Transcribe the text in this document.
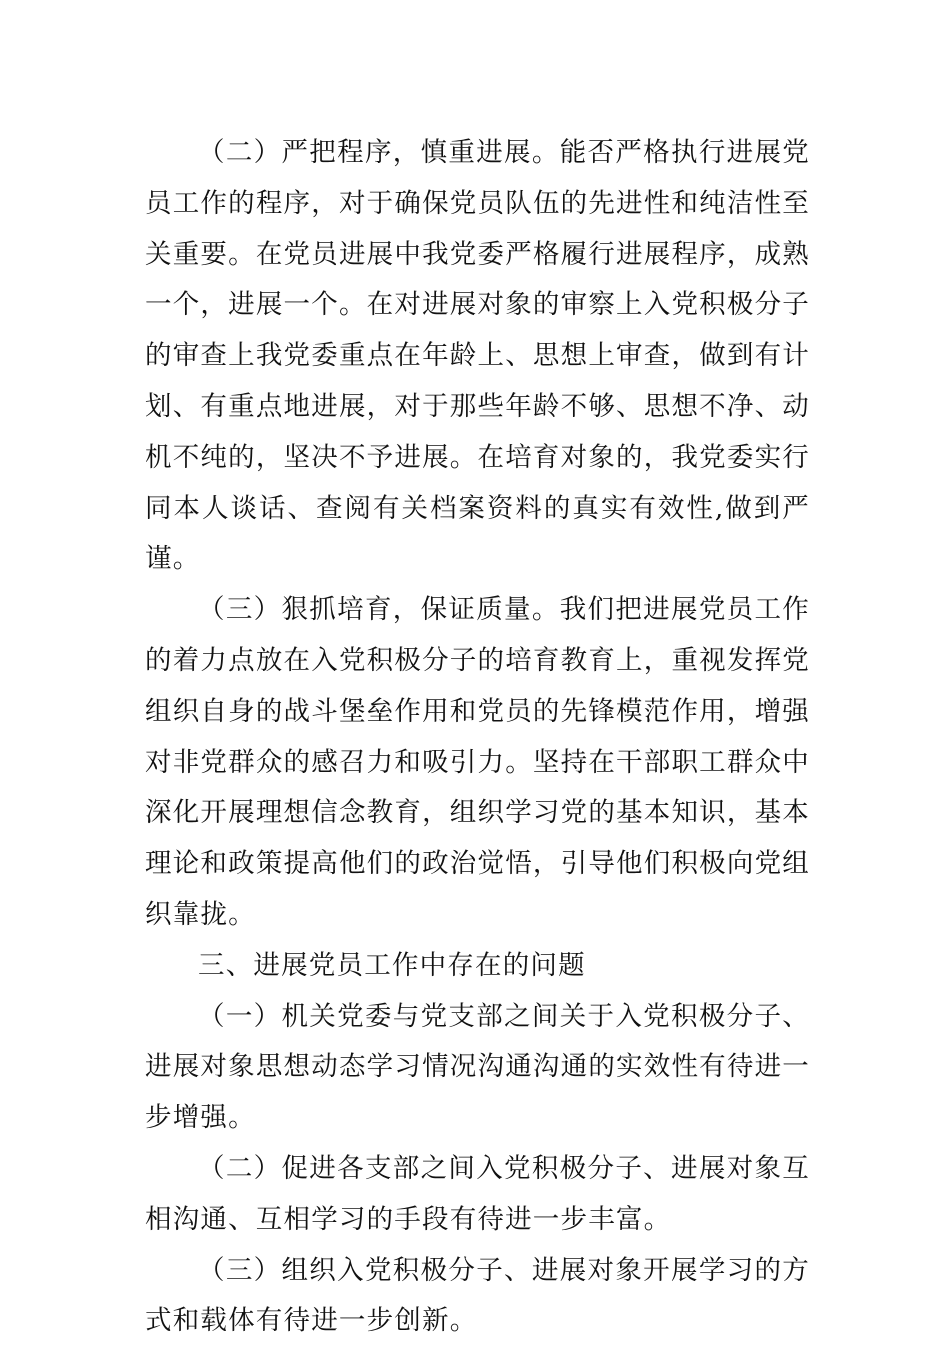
（二）严把程序，慎重进展。能否严格执行进展党员工作的程序，对于确保党员队伍的先进性和纯洁性至关重要。在党员进展中我党委严格履行进展程序，成熟一个，进展一个。在对进展对象的审察上入党积极分子的审查上我党委重点在年龄上、思想上审查，做到有计划、有重点地进展，对于那些年龄不够、思想不净、动机不纯的，坚决不予进展。在培育对象的，我党委实行同本人谈话、查阅有关档案资料的真实有效性,做到严谨。

（三）狠抓培育，保证质量。我们把进展党员工作的着力点放在入党积极分子的培育教育上，重视发挥党组织自身的战斗堡垒作用和党员的先锋模范作用，增强对非党群众的感召力和吸引力。坚持在干部职工群众中深化开展理想信念教育，组织学习党的基本知识，基本理论和政策提高他们的政治觉悟，引导他们积极向党组织靠拢。

三、进展党员工作中存在的问题

（一）机关党委与党支部之间关于入党积极分子、进展对象思想动态学习情况沟通沟通的实效性有待进一步增强。

（二）促进各支部之间入党积极分子、进展对象互相沟通、互相学习的手段有待进一步丰富。

（三）组织入党积极分子、进展对象开展学习的方式和载体有待进一步创新。
